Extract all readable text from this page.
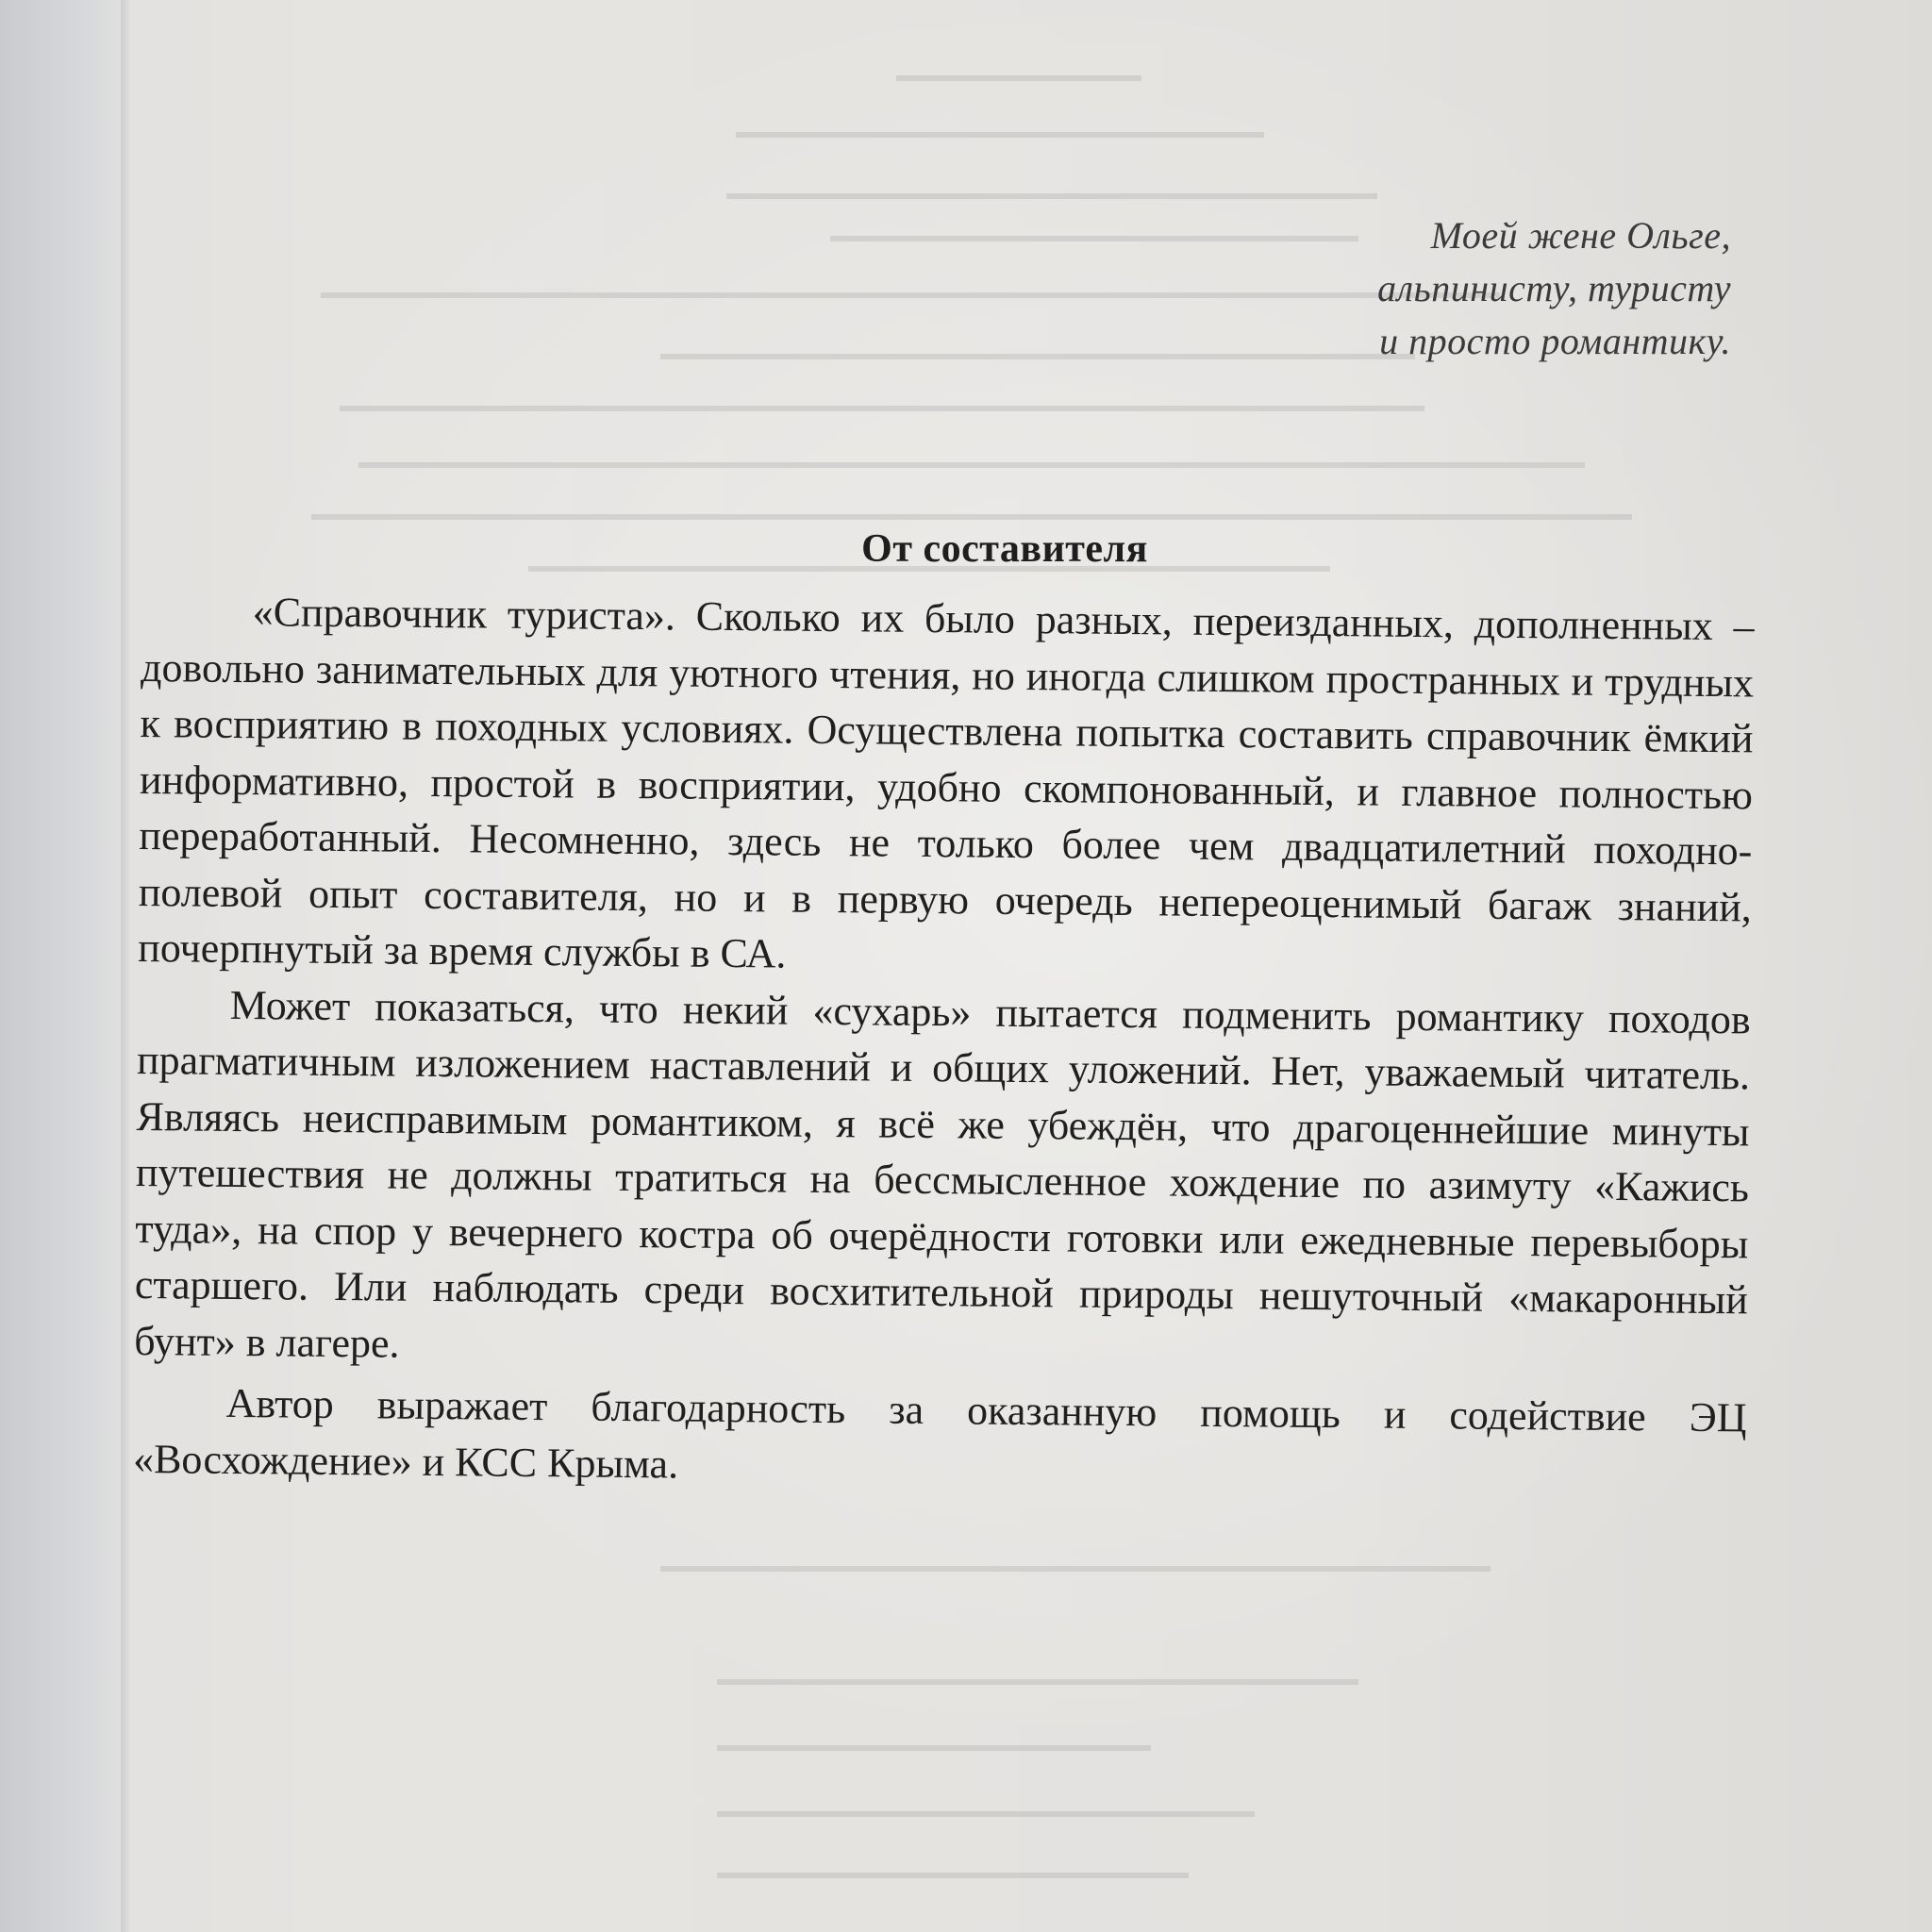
Моей жене Ольге,
альпинисту, туристу
и просто романтику.
От составителя

«Справочник туриста». Сколько их было разных, переизданных, дополненных – довольно занимательных для уютного чтения, но иногда слишком пространных и трудных к восприятию в походных условиях. Осуществлена попытка составить справочник ёмкий информативно, простой в восприятии, удобно скомпонованный, и главное полностью переработанный. Несомненно, здесь не только более чем двадцатилетний походно-полевой опыт составителя, но и в первую очередь непереоценимый багаж знаний, почерпнутый за время службы в СА.

Может показаться, что некий «сухарь» пытается подменить романтику походов прагматичным изложением наставлений и общих уложений. Нет, уважаемый читатель. Являясь неисправимым романтиком, я всё же убеждён, что драгоценнейшие минуты путешествия не должны тратиться на бессмысленное хождение по азимуту «Кажись туда», на спор у вечернего костра об очерёдности готовки или ежедневные перевыборы старшего. Или наблюдать среди восхитительной природы нешуточный «макаронный бунт» в лагере.

Автор выражает благодарность за оказанную помощь и содействие ЭЦ «Восхождение» и КСС Крыма.
